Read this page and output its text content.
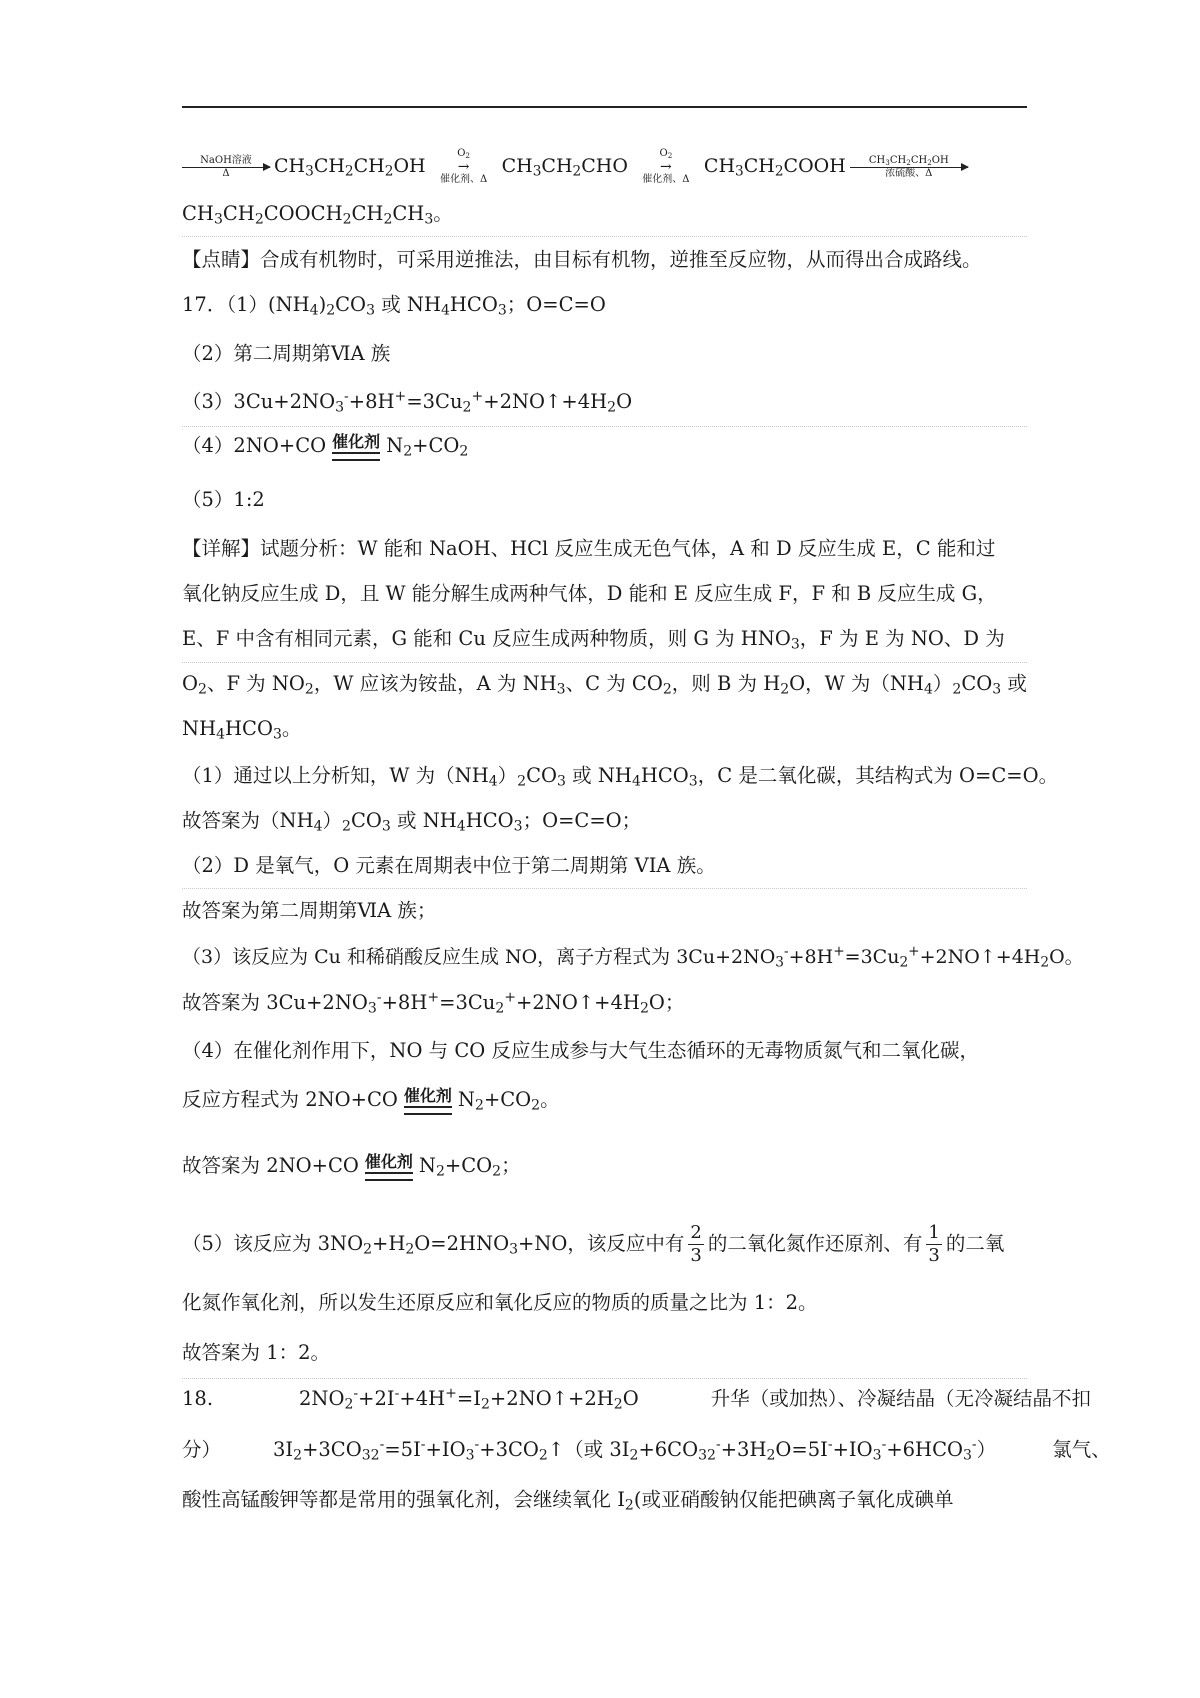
NaOH溶液
Δ	$CH_3CH_2CH_2OH$
$O_2$
→
催化剂、Δ
$CH_3CH_2CHO$
$O_2$
→
催化剂、Δ
$CH_3CH_2COOH$	$CH_3CH_2CH_2OH$
浓硫酸、Δ
$CH_3CH_2COOCH_2CH_2CH_3$。
【点睛】合成有机物时，可采用逆推法，由目标有机物，逆推至反应物，从而得出合成路线。
17．$(1)(NH_4)_2CO_3$ 或 $NH_4HCO_3$；O=C=O
（2）第二周期第ⅥA 族
$(3)3Cu+2NO_3^-+8H^+=3Cu_2^++2NO↑+4H_2O$
（4）2NO+CO 催化剂 $N_2+CO_2$
（5）1:2
【详解】试题分析：W 能和 NaOH、HCl 反应生成无色气体，A 和 D 反应生成 E，C 能和过
氧化钠反应生成 D，且 W 能分解生成两种气体，D 能和 E 反应生成 F，F 和 B 反应生成 G，
E、F 中含有相同元素，G 能和 Cu 反应生成两种物质，则 G 为 $HNO_3$，F 为 E 为 NO、D 为
$O_2$、F 为 $NO_2$，W 应该为铵盐，A 为 $NH_3$、C 为 $CO_2$，则 B 为 $H_2O$，W 为$(NH_4)_2CO_3$ 或
$NH_4HCO_3$。
（1）通过以上分析知，W 为$(NH_4)_2CO_3$ 或 $NH_4HCO_3$，C 是二氧化碳，其结构式为 O=C=O。
故答案为$(NH_4)_2CO_3$ 或 $NH_4HCO_3$；O=C=O；
（2）D 是氧气，O 元素在周期表中位于第二周期第 VIA 族。
故答案为第二周期第ⅥA 族；
（3）该反应为 Cu 和稀硝酸反应生成 NO，离子方程式为 $3Cu+2NO_3^-+8H^+=3Cu_2^++2NO↑+4H_2O$。
故答案为 $3Cu+2NO_3^-+8H^+=3Cu_2^++2NO↑+4H_2O$；
（4）在催化剂作用下，NO 与 CO 反应生成参与大气生态循环的无毒物质氮气和二氧化碳，
反应方程式为 2NO+CO 催化剂 $N_2+CO_2$。
故答案为 2NO+CO 催化剂 $N_2+CO_2$；
（5）该反应为 $3NO_2+H_2O=2HNO_3+NO$，该反应中有 $\frac{2}{3}$ 的二氧化氮作还原剂、有 $\frac{1}{3}$ 的二氧
化氮作氧化剂，所以发生还原反应和氧化反应的物质的质量之比为 1：2。
故答案为 1：2。
18.	$2NO_2^-+2I^-+4H^+=I_2+2NO↑+2H_2O$	升华（或加热）、冷凝结晶（无冷凝结晶不扣
分）	$3I_2+3CO_{32}^-=5I^-+IO_3^-+3CO_2↑$（或 $3I_2+6CO_{32}^-+3H_2O=5I^-+IO_3^-+6HCO_3^-$）	氯气、
酸性高锰酸钾等都是常用的强氧化剂，会继续氧化 $I_2$(或亚硝酸钠仅能把碘离子氧化成碘单
